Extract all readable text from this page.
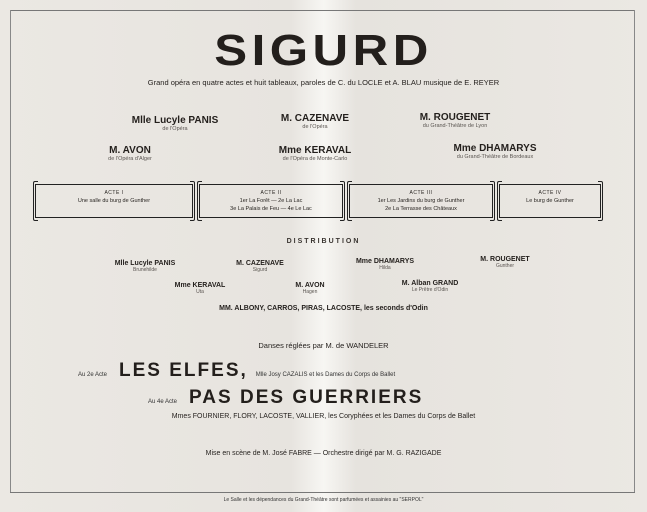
SIGURD
Grand opéra en quatre actes et huit tableaux, paroles de C. du LOCLE et A. BLAU musique de E. REYER
Mlle Lucyle PANIS
de l'Opéra
M. CAZENAVE
de l'Opéra
M. ROUGENET
du Grand-Théâtre de Lyon
M. AVON
de l'Opéra d'Alger
Mme KERAVAL
de l'Opéra de Monte-Carlo
Mme DHAMARYS
du Grand-Théâtre de Bordeaux
ACTE I
Une salle du burg de Gunther
ACTE II
1er La Forêt — 2e La Lac
3e La Palais de Feu — 4e Le Lac
ACTE III
1er Les Jardins du burg de Gunther
2e La Terrasse des Châteaux
ACTE IV
Le burg de Gunther
DISTRIBUTION
Mlle Lucyle PANIS
Brunehilde
M. CAZENAVE
Sigurd
Mme DHAMARYS
Hilda
M. ROUGENET
Gunther
Mme KERAVAL
Uta
M. AVON
Hagen
M. Alban GRAND
Le Prêtre d'Odin
MM. ALBONY, CARROS, PIRAS, LACOSTE, les seconds d'Odin
Danses réglées par M. de WANDELER
Au 2e Acte LES ELFES, Mlle Josy CAZALIS et les Dames du Corps de Ballet
Au 4e Acte PAS DES GUERRIERS
Mmes FOURNIER, FLORY, LACOSTE, VALLIER, les Coryphées et les Dames du Corps de Ballet
Mise en scène de M. José FABRE — Orchestre dirigé par M. G. RAZIGADE
Le Salle et les dépendances du Grand-Théâtre sont parfumées et assainies au "SERPOL"
